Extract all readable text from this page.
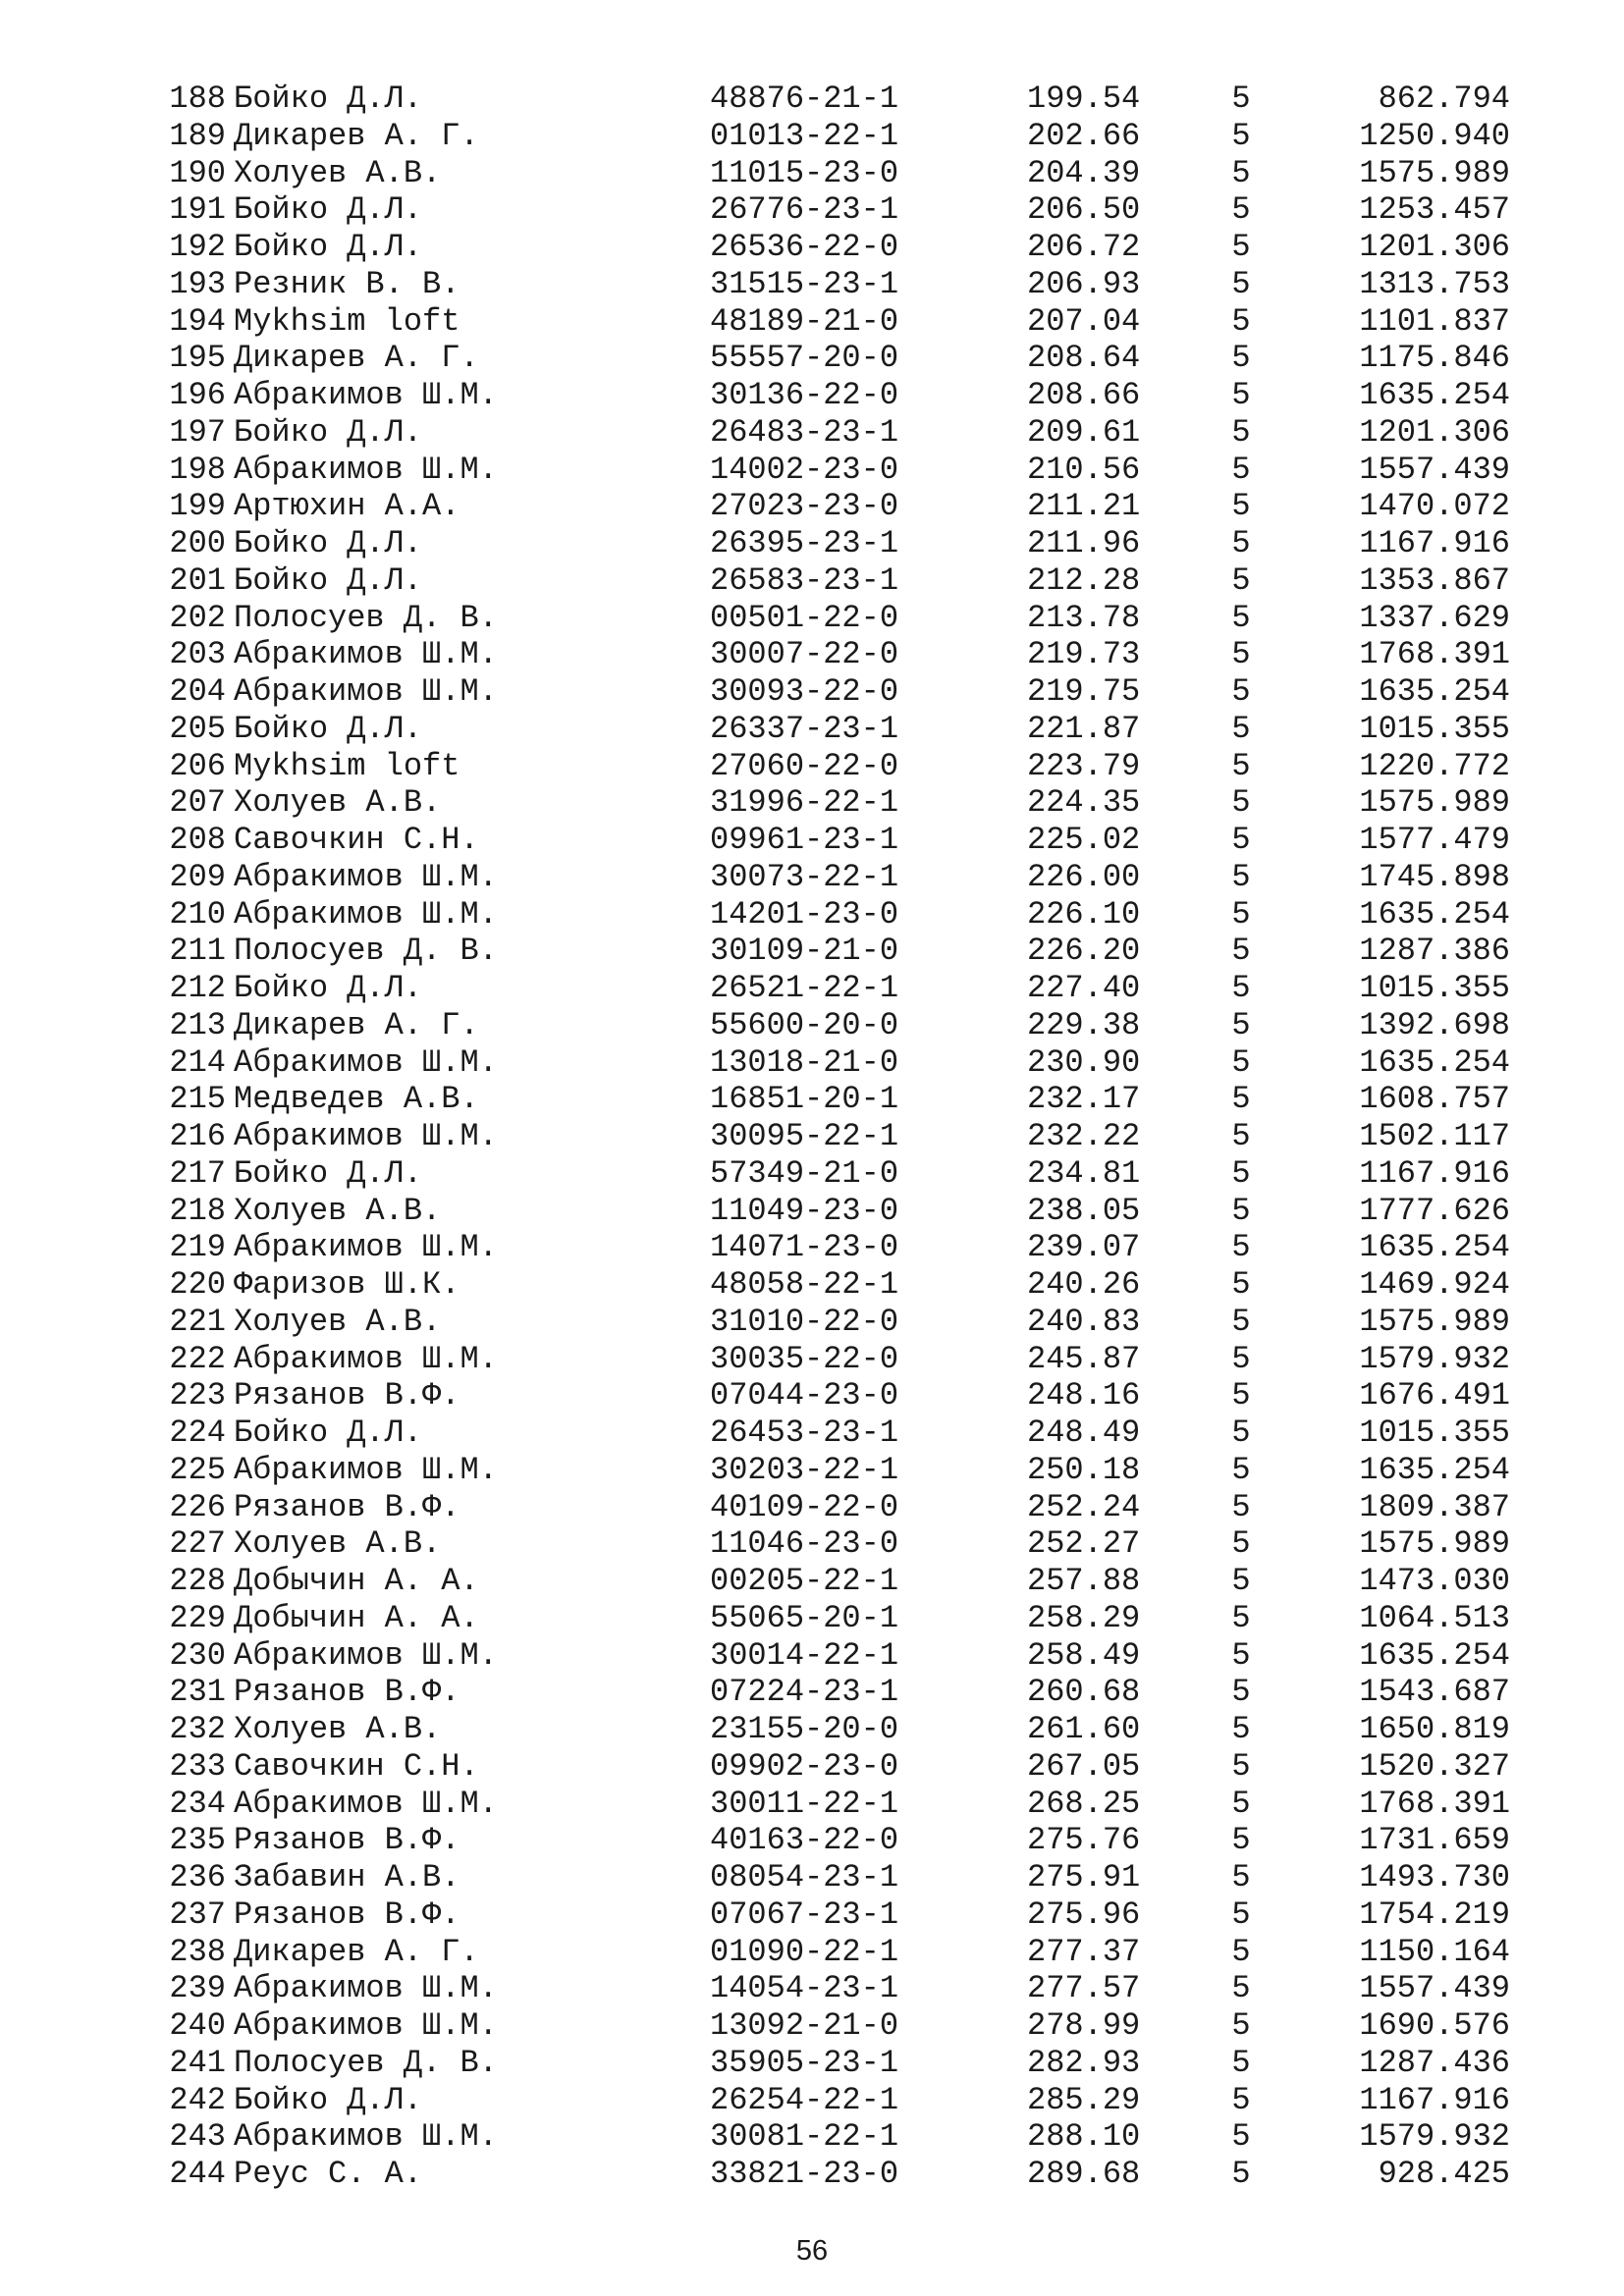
188 Бойко Д.Л.	48876-21-1	199.54	5	862.794
189 Дикарев А. Г.	01013-22-1	202.66	5	1250.940
190 Холуев А.В.	11015-23-0	204.39	5	1575.989
191 Бойко Д.Л.	26776-23-1	206.50	5	1253.457
192 Бойко Д.Л.	26536-22-0	206.72	5	1201.306
193 Резник В. В.	31515-23-1	206.93	5	1313.753
194 Mykhsim loft	48189-21-0	207.04	5	1101.837
195 Дикарев А. Г.	55557-20-0	208.64	5	1175.846
196 Абракимов Ш.М.	30136-22-0	208.66	5	1635.254
197 Бойко Д.Л.	26483-23-1	209.61	5	1201.306
198 Абракимов Ш.М.	14002-23-0	210.56	5	1557.439
199 Артюхин А.А.	27023-23-0	211.21	5	1470.072
200 Бойко Д.Л.	26395-23-1	211.96	5	1167.916
201 Бойко Д.Л.	26583-23-1	212.28	5	1353.867
202 Полосуев Д. В.	00501-22-0	213.78	5	1337.629
203 Абракимов Ш.М.	30007-22-0	219.73	5	1768.391
204 Абракимов Ш.М.	30093-22-0	219.75	5	1635.254
205 Бойко Д.Л.	26337-23-1	221.87	5	1015.355
206 Mykhsim loft	27060-22-0	223.79	5	1220.772
207 Холуев А.В.	31996-22-1	224.35	5	1575.989
208 Савочкин С.Н.	09961-23-1	225.02	5	1577.479
209 Абракимов Ш.М.	30073-22-1	226.00	5	1745.898
210 Абракимов Ш.М.	14201-23-0	226.10	5	1635.254
211 Полосуев Д. В.	30109-21-0	226.20	5	1287.386
212 Бойко Д.Л.	26521-22-1	227.40	5	1015.355
213 Дикарев А. Г.	55600-20-0	229.38	5	1392.698
214 Абракимов Ш.М.	13018-21-0	230.90	5	1635.254
215 Медведев А.В.	16851-20-1	232.17	5	1608.757
216 Абракимов Ш.М.	30095-22-1	232.22	5	1502.117
217 Бойко Д.Л.	57349-21-0	234.81	5	1167.916
218 Холуев А.В.	11049-23-0	238.05	5	1777.626
219 Абракимов Ш.М.	14071-23-0	239.07	5	1635.254
220 Фаризов Ш.К.	48058-22-1	240.26	5	1469.924
221 Холуев А.В.	31010-22-0	240.83	5	1575.989
222 Абракимов Ш.М.	30035-22-0	245.87	5	1579.932
223 Рязанов В.Ф.	07044-23-0	248.16	5	1676.491
224 Бойко Д.Л.	26453-23-1	248.49	5	1015.355
225 Абракимов Ш.М.	30203-22-1	250.18	5	1635.254
226 Рязанов В.Ф.	40109-22-0	252.24	5	1809.387
227 Холуев А.В.	11046-23-0	252.27	5	1575.989
228 Добычин А. А.	00205-22-1	257.88	5	1473.030
229 Добычин А. А.	55065-20-1	258.29	5	1064.513
230 Абракимов Ш.М.	30014-22-1	258.49	5	1635.254
231 Рязанов В.Ф.	07224-23-1	260.68	5	1543.687
232 Холуев А.В.	23155-20-0	261.60	5	1650.819
233 Савочкин С.Н.	09902-23-0	267.05	5	1520.327
234 Абракимов Ш.М.	30011-22-1	268.25	5	1768.391
235 Рязанов В.Ф.	40163-22-0	275.76	5	1731.659
236 Забавин А.В.	08054-23-1	275.91	5	1493.730
237 Рязанов В.Ф.	07067-23-1	275.96	5	1754.219
238 Дикарев А. Г.	01090-22-1	277.37	5	1150.164
239 Абракимов Ш.М.	14054-23-1	277.57	5	1557.439
240 Абракимов Ш.М.	13092-21-0	278.99	5	1690.576
241 Полосуев Д. В.	35905-23-1	282.93	5	1287.436
242 Бойко Д.Л.	26254-22-1	285.29	5	1167.916
243 Абракимов Ш.М.	30081-22-1	288.10	5	1579.932
244 Реус С. А.	33821-23-0	289.68	5	928.425
56
